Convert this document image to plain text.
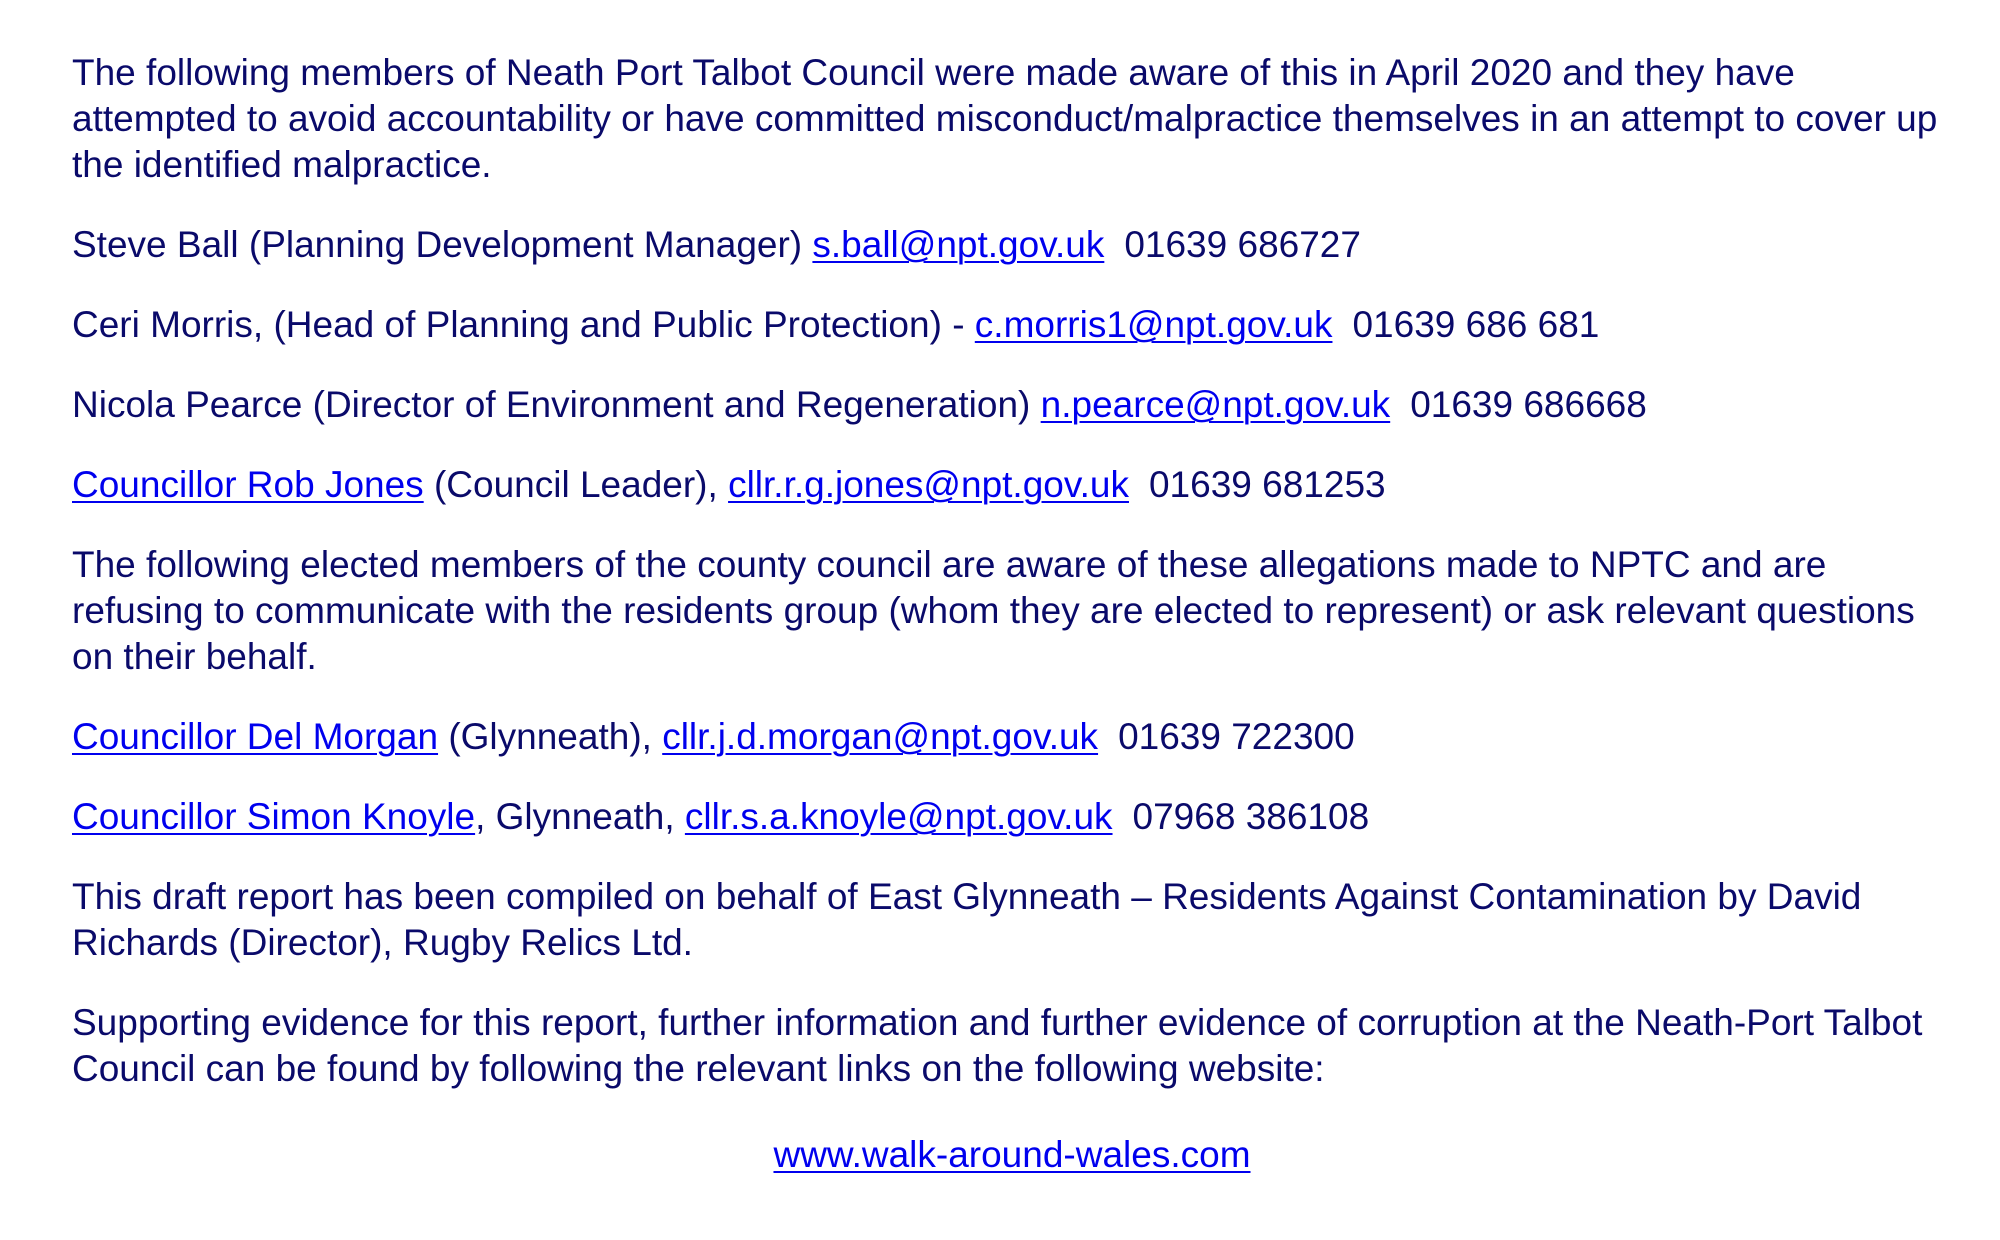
The following members of Neath Port Talbot Council were made aware of this in April 2020 and they have attempted to avoid accountability or have committed misconduct/malpractice themselves in an attempt to cover up the identified malpractice.

Steve Ball (Planning Development Manager) s.ball@npt.gov.uk 01639 686727

Ceri Morris, (Head of Planning and Public Protection) - c.morris1@npt.gov.uk 01639 686 681

Nicola Pearce (Director of Environment and Regeneration) n.pearce@npt.gov.uk 01639 686668

Councillor Rob Jones (Council Leader), cllr.r.g.jones@npt.gov.uk 01639 681253

The following elected members of the county council are aware of these allegations made to NPTC and are refusing to communicate with the residents group (whom they are elected to represent) or ask relevant questions on their behalf.

Councillor Del Morgan (Glynneath), cllr.j.d.morgan@npt.gov.uk 01639 722300

Councillor Simon Knoyle, Glynneath, cllr.s.a.knoyle@npt.gov.uk 07968 386108

This draft report has been compiled on behalf of East Glynneath – Residents Against Contamination by David Richards (Director), Rugby Relics Ltd.

Supporting evidence for this report, further information and further evidence of corruption at the Neath-Port Talbot Council can be found by following the relevant links on the following website:

www.walk-around-wales.com
